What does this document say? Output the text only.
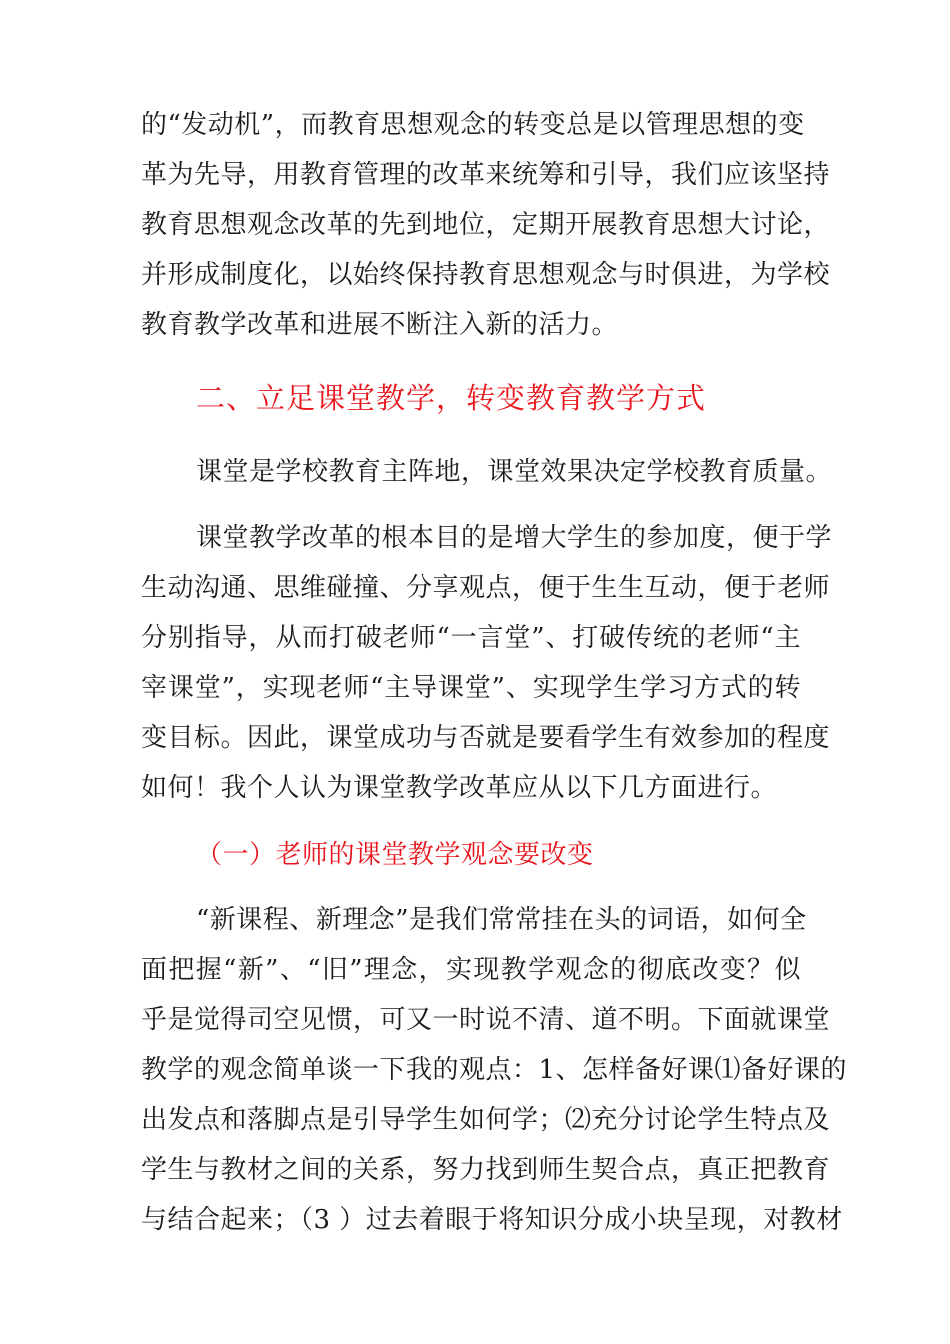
的“发动机”，而教育思想观念的转变总是以管理思想的变
革为先导，用教育管理的改革来统筹和引导，我们应该坚持
教育思想观念改革的先到地位，定期开展教育思想大讨论，
并形成制度化，以始终保持教育思想观念与时俱进，为学校
教育教学改革和进展不断注入新的活力。
二、立足课堂教学，转变教育教学方式
课堂是学校教育主阵地，课堂效果决定学校教育质量。
课堂教学改革的根本目的是增大学生的参加度，便于学
生动沟通、思维碰撞、分享观点，便于生生互动，便于老师
分别指导，从而打破老师“一言堂”、打破传统的老师“主
宰课堂”，实现老师“主导课堂”、实现学生学习方式的转
变目标。因此，课堂成功与否就是要看学生有效参加的程度
如何！我个人认为课堂教学改革应从以下几方面进行。
（一）老师的课堂教学观念要改变
“新课程、新理念”是我们常常挂在头的词语，如何全
面把握“新”、“旧”理念，实现教学观念的彻底改变？似
乎是觉得司空见惯，可又一时说不清、道不明。下面就课堂
教学的观念简单谈一下我的观点：1、怎样备好课⑴备好课的
出发点和落脚点是引导学生如何学；⑵充分讨论学生特点及
学生与教材之间的关系，努力找到师生契合点，真正把教育
与结合起来；（3 ）过去着眼于将知识分成小块呈现，对教材
